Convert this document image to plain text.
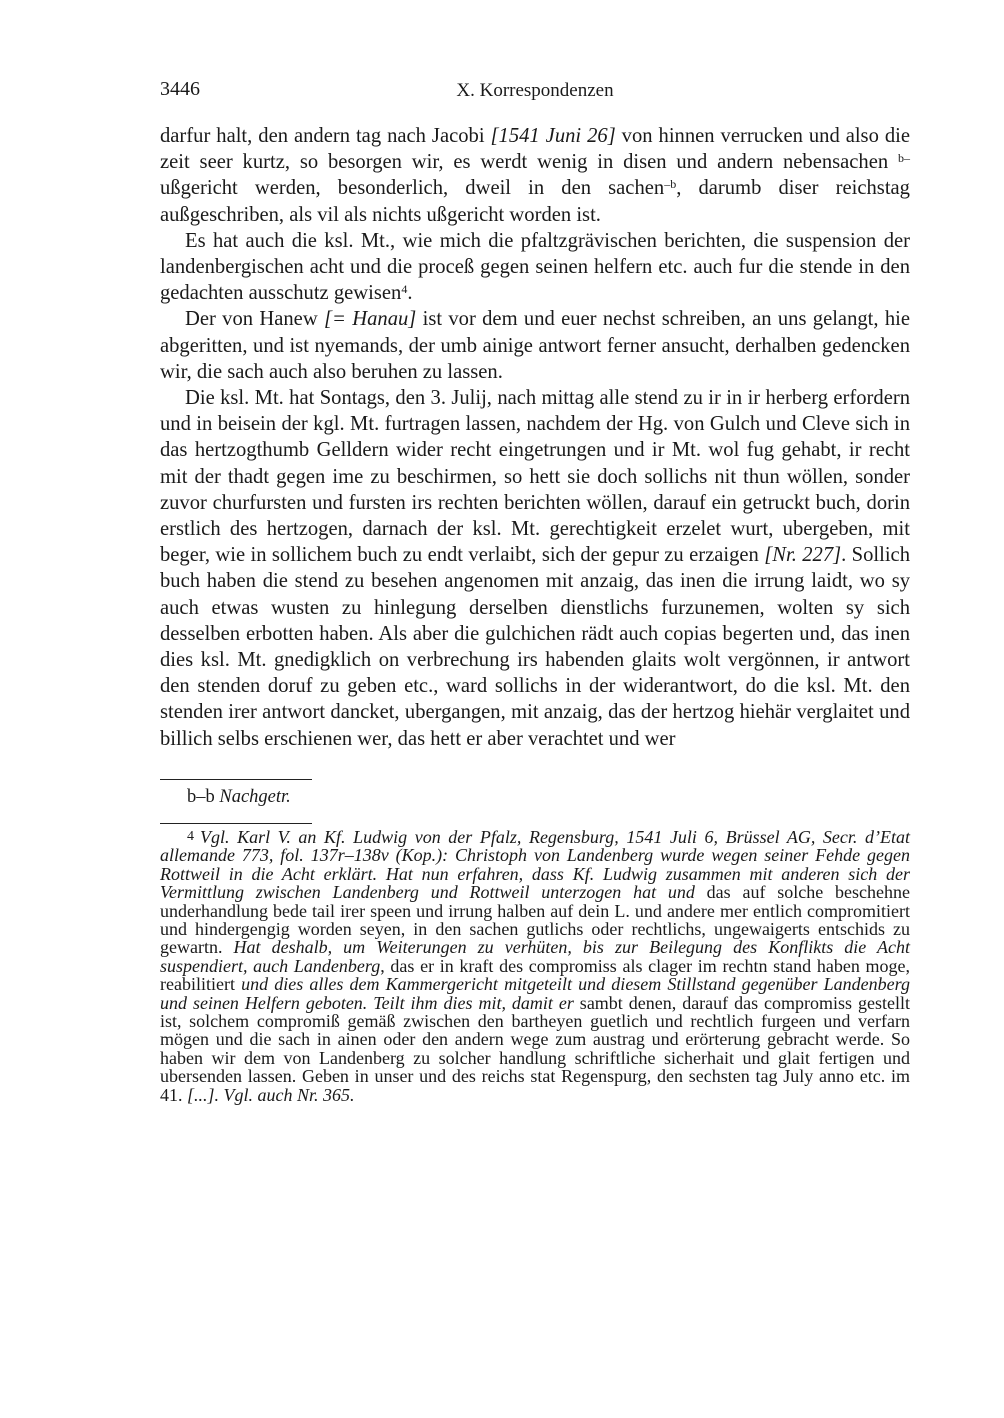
3446	X. Korrespondenzen

darfur halt, den andern tag nach Jacobi [1541 Juni 26] von hinnen verrucken und also die zeit seer kurtz, so besorgen wir, es werdt wenig in disen und andern nebensachen $^{b-}$ußgericht werden, besonderlich, dweil in den sachen$^{-b}$, darumb diser reichstag außgeschriben, als vil als nichts ußgericht worden ist.

Es hat auch die ksl. Mt., wie mich die pfaltzgrävischen berichten, die suspension der landenbergischen acht und die proceß gegen seinen helfern etc. auch fur die stende in den gedachten ausschutz gewisen$^4$.

Der von Hanew [= Hanau] ist vor dem und euer nechst schreiben, an uns gelangt, hie abgeritten, und ist nyemands, der umb ainige antwort ferner ansucht, derhalben gedencken wir, die sach auch also beruhen zu lassen.

Die ksl. Mt. hat Sontags, den 3. Julij, nach mittag alle stend zu ir in ir herberg erfordern und in beisein der kgl. Mt. furtragen lassen, nachdem der Hg. von Gulch und Cleve sich in das hertzogthumb Gelldern wider recht eingetrungen und ir Mt. wol fug gehabt, ir recht mit der thadt gegen ime zu beschirmen, so hett sie doch sollichs nit thun wöllen, sonder zuvor churfursten und fursten irs rechten berichten wöllen, darauf ein getruckt buch, dorin erstlich des hertzogen, darnach der ksl. Mt. gerechtigkeit erzelet wurt, ubergeben, mit beger, wie in sollichem buch zu endt verlaibt, sich der gepur zu erzaigen [Nr. 227]. Sollich buch haben die stend zu besehen angenomen mit anzaig, das inen die irrung laidt, wo sy auch etwas wusten zu hinlegung derselben dienstlichs furzunemen, wolten sy sich desselben erbotten haben. Als aber die gulchichen rädt auch copias begerten und, das inen dies ksl. Mt. gnedigklich on verbrechung irs habenden glaits wolt vergönnen, ir antwort den stenden doruf zu geben etc., ward sollichs in der widerantwort, do die ksl. Mt. den stenden irer antwort dancket, ubergangen, mit anzaig, das der hertzog hiehär verglaitet und billich selbs erschienen wer, das hett er aber verachtet und wer

b–b Nachgetr.
4 Vgl. Karl V. an Kf. Ludwig von der Pfalz, Regensburg, 1541 Juli 6, Brüssel AG, Secr. d’Etat allemande 773, fol. 137r–138v (Kop.): Christoph von Landenberg wurde wegen seiner Fehde gegen Rottweil in die Acht erklärt. Hat nun erfahren, dass Kf. Ludwig zusammen mit anderen sich der Vermittlung zwischen Landenberg und Rottweil unterzogen hat und das auf solche beschehne underhandlung bede tail irer speen und irrung halben auf dein L. und andere mer entlich compromitiert und hindergengig worden seyen, in den sachen gutlichs oder rechtlichs, ungewaigerts entschids zu gewartn. Hat deshalb, um Weiterungen zu verhüten, bis zur Beilegung des Konflikts die Acht suspendiert, auch Landenberg, das er in kraft des compromiss als clager im rechtn stand haben moge, reabilitiert und dies alles dem Kammergericht mitgeteilt und diesem Stillstand gegenüber Landenberg und seinen Helfern geboten. Teilt ihm dies mit, damit er sambt denen, darauf das compromiss gestellt ist, solchem compromiß gemäß zwischen den bartheyen guetlich und rechtlich furgeen und verfarn mögen und die sach in ainen oder den andern wege zum austrag und erörterung gebracht werde. So haben wir dem von Landenberg zu solcher handlung schriftliche sicherhait und glait fertigen und ubersenden lassen. Geben in unser und des reichs stat Regenspurg, den sechsten tag July anno etc. im 41. [...]. Vgl. auch Nr. 365.
